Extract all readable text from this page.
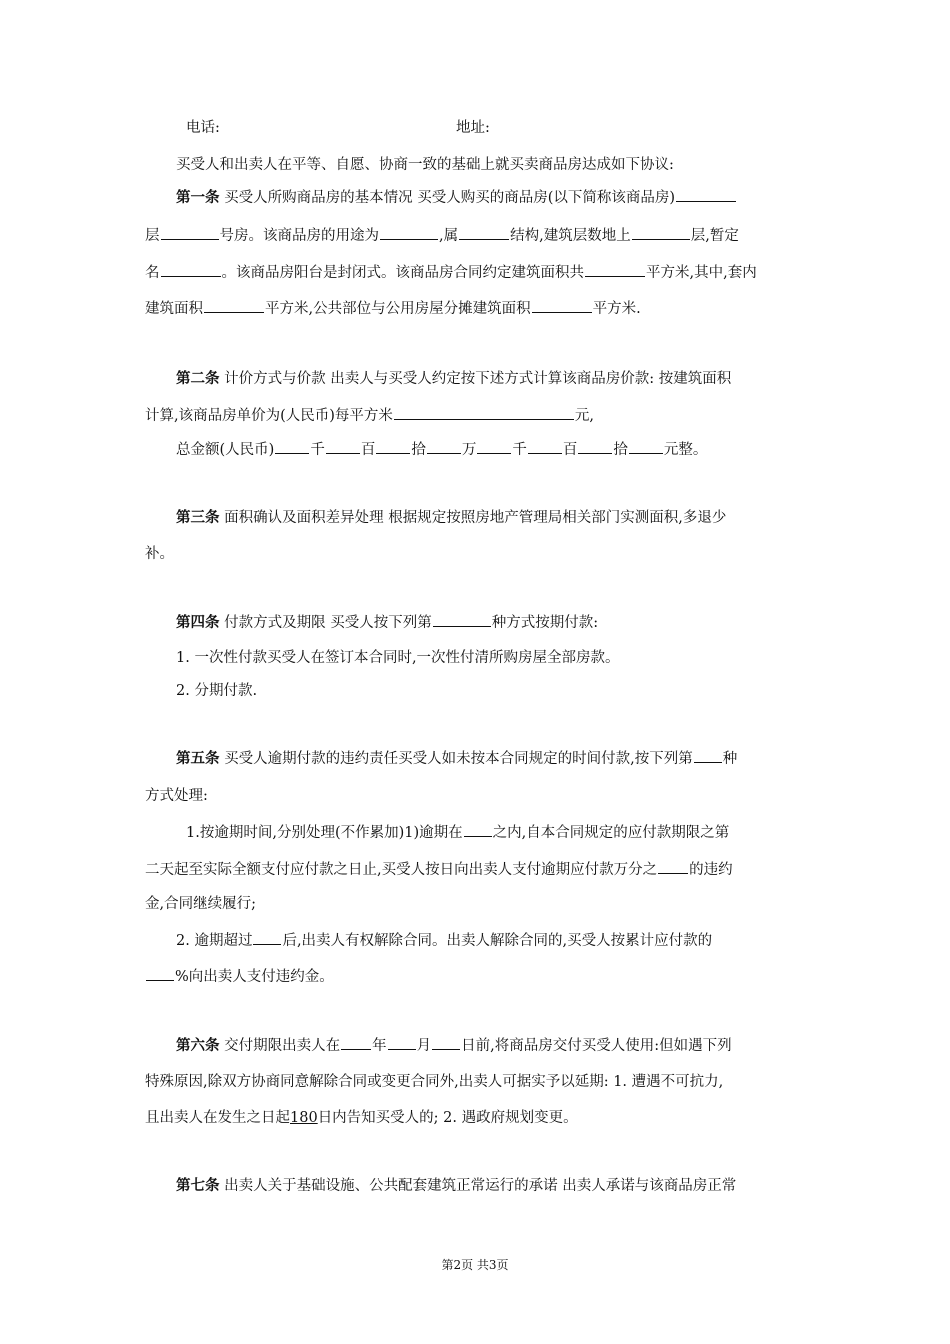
电话:	地址:
买受人和出卖人在平等、自愿、协商一致的基础上就买卖商品房达成如下协议:
第一条 买受人所购商品房的基本情况 买受人购买的商品房(以下简称该商品房)
层	号房。该商品房的用途为	,属	结构,建筑层数地上	层,暂定
名	。该商品房阳台是封闭式。该商品房合同约定建筑面积共	平方米,其中,套内
建筑面积	平方米,公共部位与公用房屋分摊建筑面积	平方米.
第二条 计价方式与价款 出卖人与买受人约定按下述方式计算该商品房价款: 按建筑面积
计算,该商品房单价为(人民币)每平方米	元,
总金额(人民币) 千 百 拾 万 千 百 拾 元整。
第三条 面积确认及面积差异处理 根据规定按照房地产管理局相关部门实测面积,多退少
补。
第四条 付款方式及期限 买受人按下列第	种方式按期付款:
1. 一次性付款买受人在签订本合同时,一次性付清所购房屋全部房款。
2. 分期付款.
第五条 买受人逾期付款的违约责任买受人如未按本合同规定的时间付款,按下列第 种
方式处理:
1.按逾期时间,分别处理(不作累加)1)逾期在 之内,自本合同规定的应付款期限之第
二天起至实际全额支付应付款之日止,买受人按日向出卖人支付逾期应付款万分之 的违约
金,合同继续履行;
2. 逾期超过 后,出卖人有权解除合同。出卖人解除合同的,买受人按累计应付款的
%向出卖人支付违约金。
第六条 交付期限出卖人在 年 月 日前,将商品房交付买受人使用:但如遇下列
特殊原因,除双方协商同意解除合同或变更合同外,出卖人可据实予以延期: 1. 遭遇不可抗力,
且出卖人在发生之日起180日内告知买受人的; 2. 遇政府规划变更。
第七条 出卖人关于基础设施、公共配套建筑正常运行的承诺 出卖人承诺与该商品房正常
第2页 共3页
